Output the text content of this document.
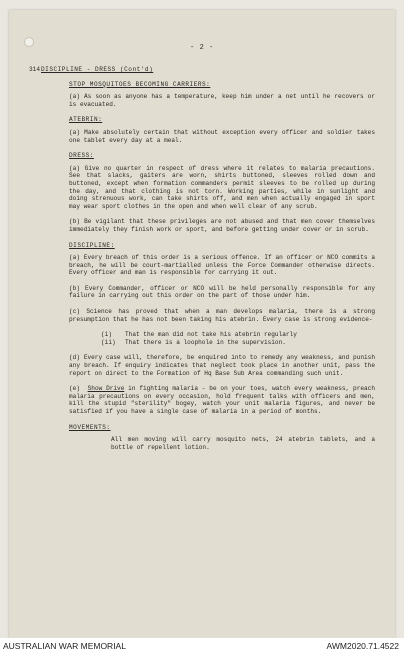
- 2 -
314.
DISCIPLINE - DRESS (Cont'd)
STOP MOSQUITOES BECOMING CARRIERS:
(a) As soon as anyone has a temperature, keep him under a net until he recovers or is evacuated.
ATEBRIN:
(a) Make absolutely certain that without exception every officer and soldier takes one tablet every day at a meal.
DRESS:
(a) Give no quarter in respect of dress where it relates to malaria precautions. See that slacks, gaiters are worn, shirts buttoned, sleeves rolled down and buttoned, except when formation commanders permit sleeves to be rolled up during the day, and that clothing is not torn. Working parties, while in sunlight and doing strenuous work, can take shirts off, and men when actually engaged in sport may wear sport clothes in the open and when well clear of any scrub.
(b) Be vigilant that these privileges are not abused and that men cover themselves immediately they finish work or sport, and before getting under cover or in scrub.
DISCIPLINE:
(a) Every breach of this order is a serious offence. If an officer or NCO commits a breach, he will be court-martialled unless the Force Commander otherwise directs. Every officer and man is responsible for carrying it out.
(b) Every Commander, officer or NCO will be held personally responsible for any failure in carrying out this order on the part of those under him.
(c) Science has proved that when a man develops malaria, there is a strong presumption that he has not been taking his atebrin. Every case is strong evidence-
(i)	That the man did not take his atebrin regularly
(ii)	That there is a loophole in the supervision.
(d) Every case will, therefore, be enquired into to remedy any weakness, and punish any breach. If enquiry indicates that neglect took place in another unit, pass the report on direct to the Formation of Hq Base Sub Area commanding such unit.
(e)  Show Drive in fighting malaria - be on your toes, watch every weakness, preach malaria precautions on every occasion, hold frequent talks with officers and men, kill the stupid "sterility" bogey, watch your unit malaria figures, and never be satisfied if you have a single case of malaria in a period of months.
MOVEMENTS:
All men moving will carry mosquito nets, 24 atebrin tablets, and a bottle of repellent lotion.
AUSTRALIAN WAR MEMORIAL	AWM2020.71.4522
